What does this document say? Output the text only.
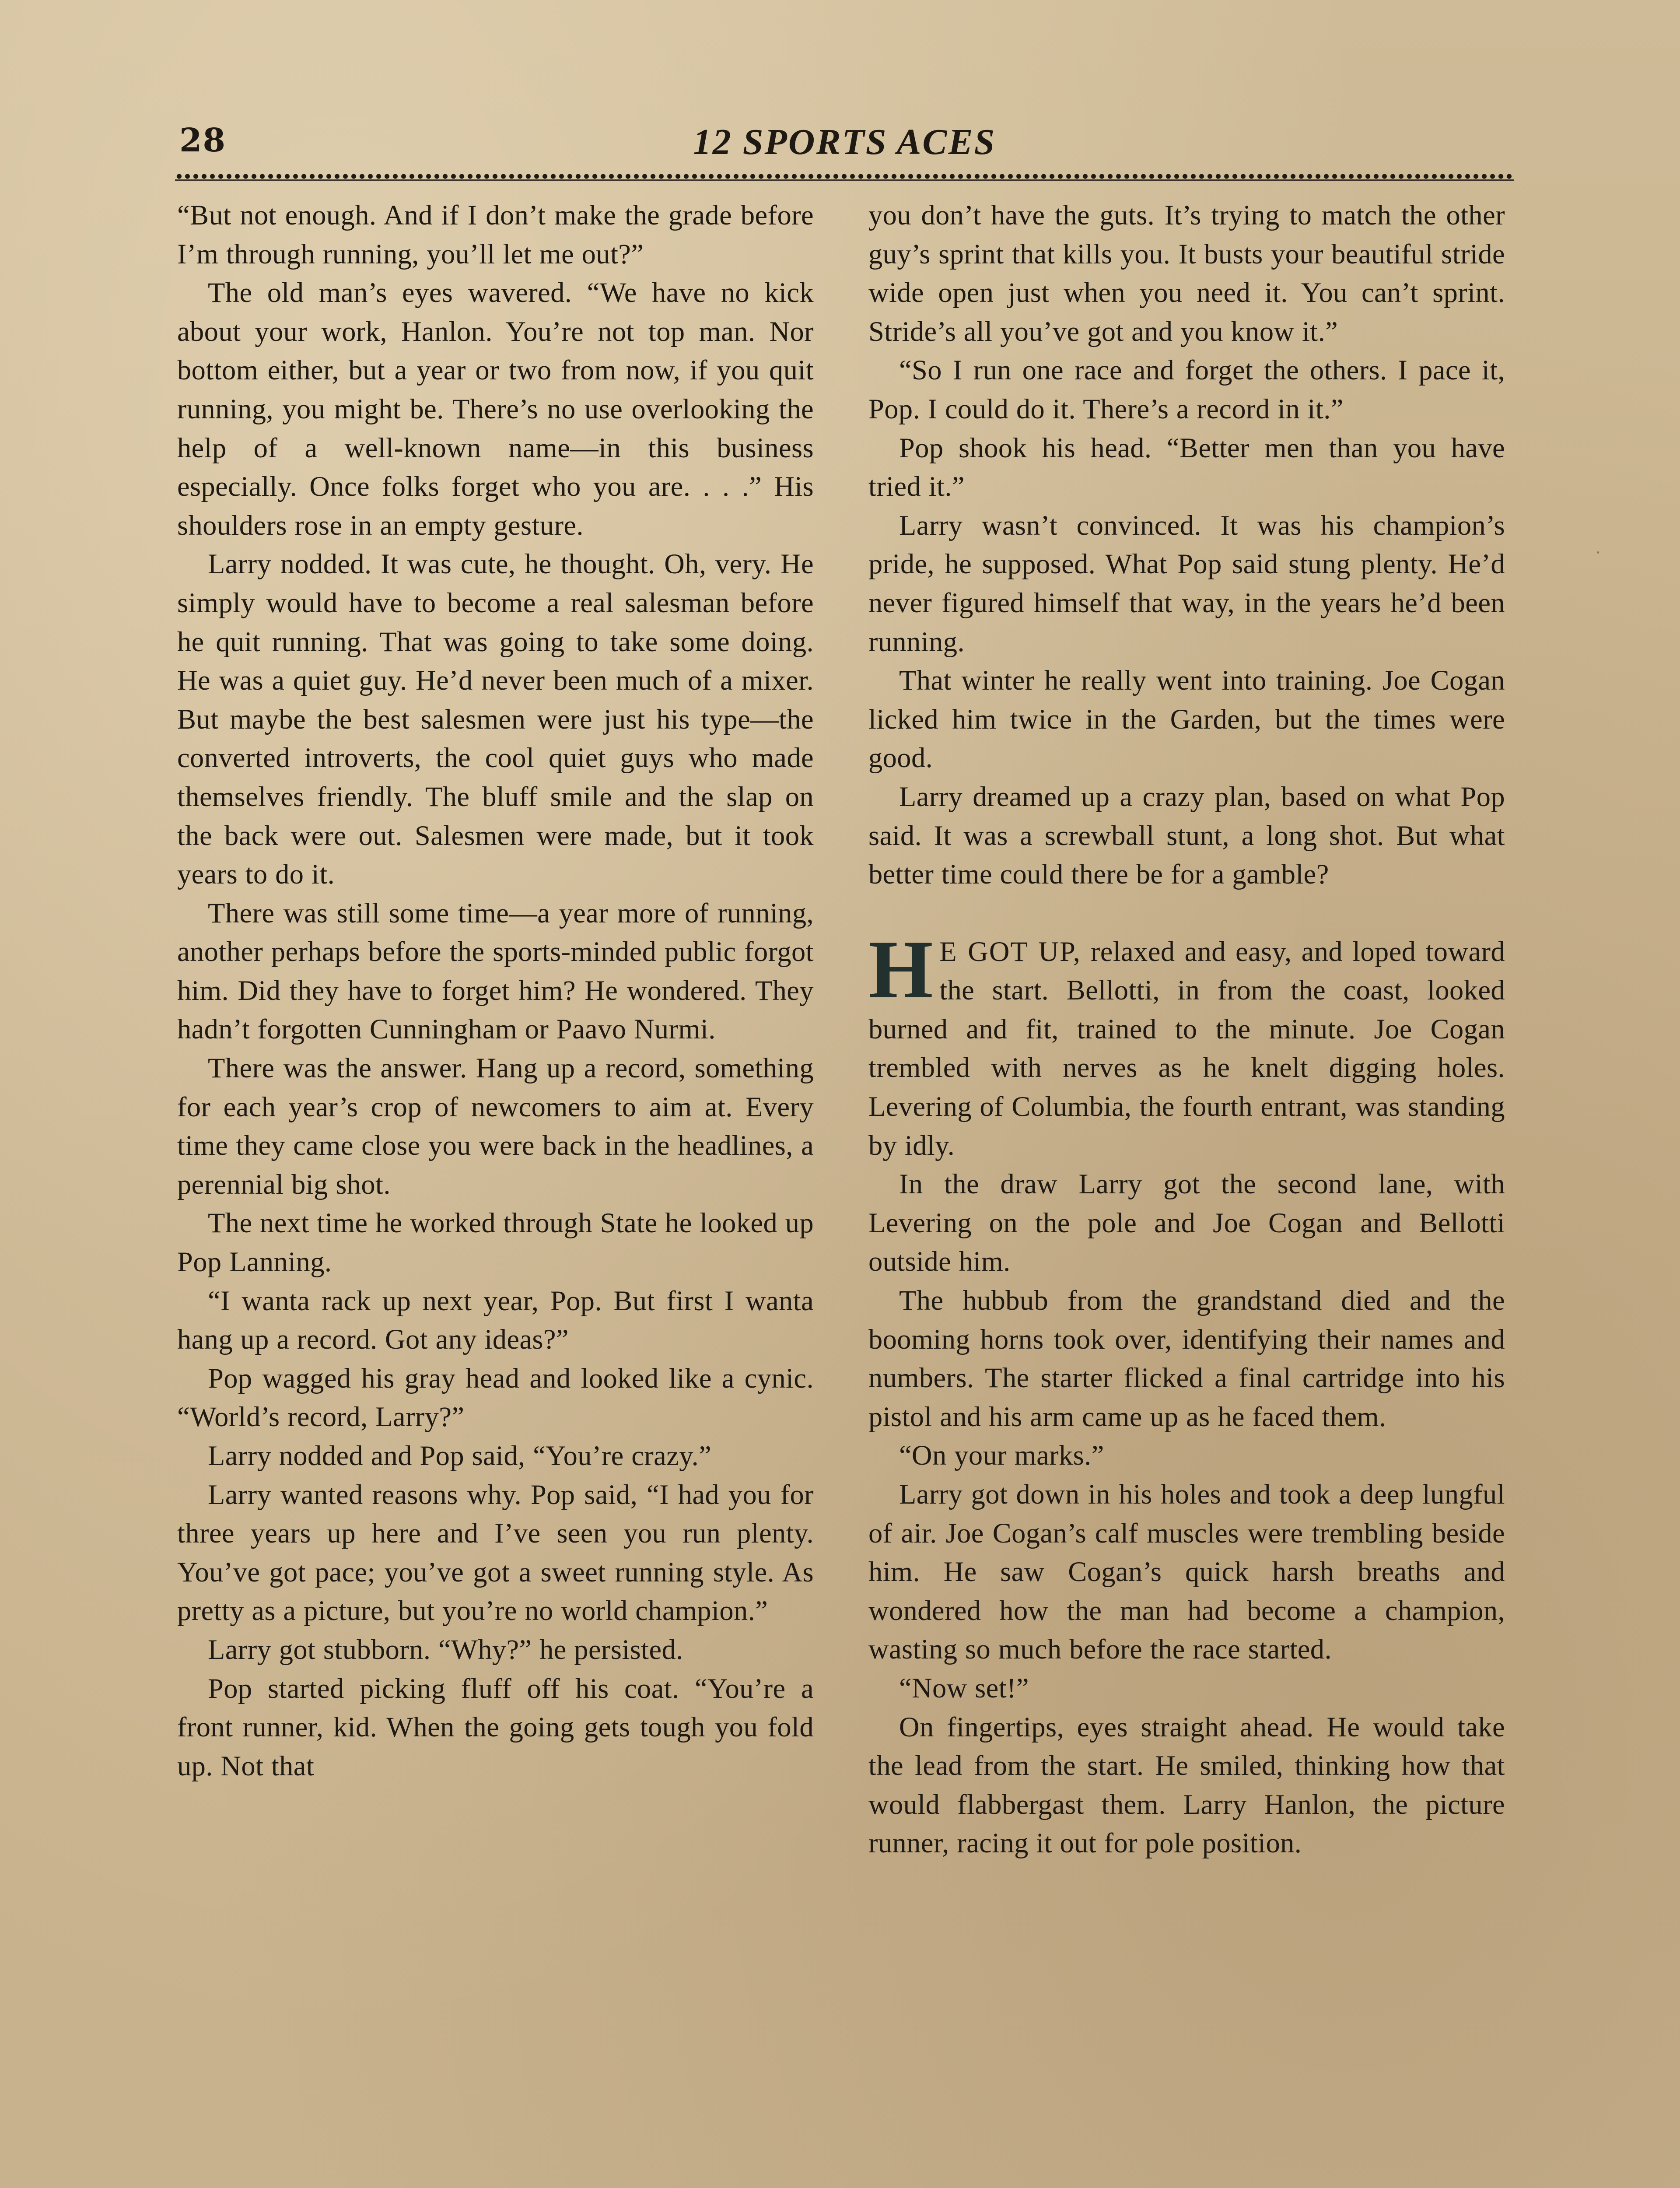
28	12 SPORTS ACES

“But not enough. And if I don’t make the grade before I’m through running, you’ll let me out?”

The old man’s eyes wavered. “We have no kick about your work, Hanlon. You’re not top man. Nor bottom either, but a year or two from now, if you quit running, you might be. There’s no use overlooking the help of a well-known name—in this business especially. Once folks forget who you are. . . .” His shoulders rose in an empty gesture.

Larry nodded. It was cute, he thought. Oh, very. He simply would have to become a real salesman before he quit running. That was going to take some doing. He was a quiet guy. He’d never been much of a mixer. But maybe the best salesmen were just his type—the converted introverts, the cool quiet guys who made themselves friendly. The bluff smile and the slap on the back were out. Salesmen were made, but it took years to do it.

There was still some time—a year more of running, another perhaps before the sports-minded public forgot him. Did they have to forget him? He wondered. They hadn’t forgotten Cunningham or Paavo Nurmi.

There was the answer. Hang up a record, something for each year’s crop of newcomers to aim at. Every time they came close you were back in the headlines, a perennial big shot.

The next time he worked through State he looked up Pop Lanning.

“I wanta rack up next year, Pop. But first I wanta hang up a record. Got any ideas?”

Pop wagged his gray head and looked like a cynic. “World’s record, Larry?”

Larry nodded and Pop said, “You’re crazy.”

Larry wanted reasons why. Pop said, “I had you for three years up here and I’ve seen you run plenty. You’ve got pace; you’ve got a sweet running style. As pretty as a picture, but you’re no world champion.”

Larry got stubborn. “Why?” he persisted.

Pop started picking fluff off his coat. “You’re a front runner, kid. When the going gets tough you fold up. Not that

you don’t have the guts. It’s trying to match the other guy’s sprint that kills you. It busts your beautiful stride wide open just when you need it. You can’t sprint. Stride’s all you’ve got and you know it.”

“So I run one race and forget the others. I pace it, Pop. I could do it. There’s a record in it.”

Pop shook his head. “Better men than you have tried it.”

Larry wasn’t convinced. It was his champion’s pride, he supposed. What Pop said stung plenty. He’d never figured himself that way, in the years he’d been running.

That winter he really went into training. Joe Cogan licked him twice in the Garden, but the times were good.

Larry dreamed up a crazy plan, based on what Pop said. It was a screwball stunt, a long shot. But what better time could there be for a gamble?

H E GOT UP, relaxed and easy, and loped toward the start. Bellotti, in from the coast, looked burned and fit, trained to the minute. Joe Cogan trembled with nerves as he knelt digging holes. Levering of Columbia, the fourth entrant, was standing by idly.

In the draw Larry got the second lane, with Levering on the pole and Joe Cogan and Bellotti outside him.

The hubbub from the grandstand died and the booming horns took over, identifying their names and numbers. The starter flicked a final cartridge into his pistol and his arm came up as he faced them.

“On your marks.”

Larry got down in his holes and took a deep lungful of air. Joe Cogan’s calf muscles were trembling beside him. He saw Cogan’s quick harsh breaths and wondered how the man had become a champion, wasting so much before the race started.

“Now set!”

On fingertips, eyes straight ahead. He would take the lead from the start. He smiled, thinking how that would flabbergast them. Larry Hanlon, the picture runner, racing it out for pole position.
